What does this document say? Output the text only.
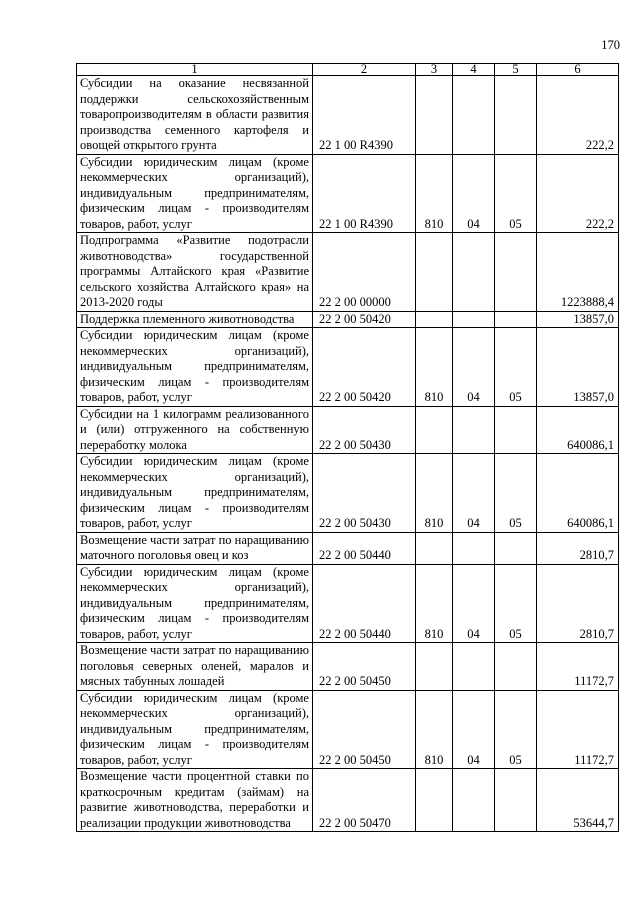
170
1	2	3	4	5	6
Субсидии на оказание несвязанной поддержки сельскохозяйственным товаропроизводителям в области развития производства семенного картофеля и овощей открытого грунта	22 1 00 R4390				222,2
Субсидии юридическим лицам (кроме некоммерческих организаций), индивидуальным предпринимателям, физическим лицам - производителям товаров, работ, услуг	22 1 00 R4390	810	04	05	222,2
Подпрограмма «Развитие подотрасли животноводства» государственной программы Алтайского края «Развитие сельского хозяйства Алтайского края» на 2013-2020 годы	22 2 00 00000				1223888,4
Поддержка племенного животноводства	22 2 00 50420				13857,0
Субсидии юридическим лицам (кроме некоммерческих организаций), индивидуальным предпринимателям, физическим лицам - производителям товаров, работ, услуг	22 2 00 50420	810	04	05	13857,0
Субсидии на 1 килограмм реализованного и (или) отгруженного на собственную переработку молока	22 2 00 50430				640086,1
Субсидии юридическим лицам (кроме некоммерческих организаций), индивидуальным предпринимателям, физическим лицам - производителям товаров, работ, услуг	22 2 00 50430	810	04	05	640086,1
Возмещение части затрат по наращиванию маточного поголовья овец и коз	22 2 00 50440				2810,7
Субсидии юридическим лицам (кроме некоммерческих организаций), индивидуальным предпринимателям, физическим лицам - производителям товаров, работ, услуг	22 2 00 50440	810	04	05	2810,7
Возмещение части затрат по наращиванию поголовья северных оленей, маралов и мясных табунных лошадей	22 2 00 50450				11172,7
Субсидии юридическим лицам (кроме некоммерческих организаций), индивидуальным предпринимателям, физическим лицам - производителям товаров, работ, услуг	22 2 00 50450	810	04	05	11172,7
Возмещение части процентной ставки по краткосрочным кредитам (займам) на развитие животноводства, переработки и реализации продукции животноводства	22 2 00 50470				53644,7
